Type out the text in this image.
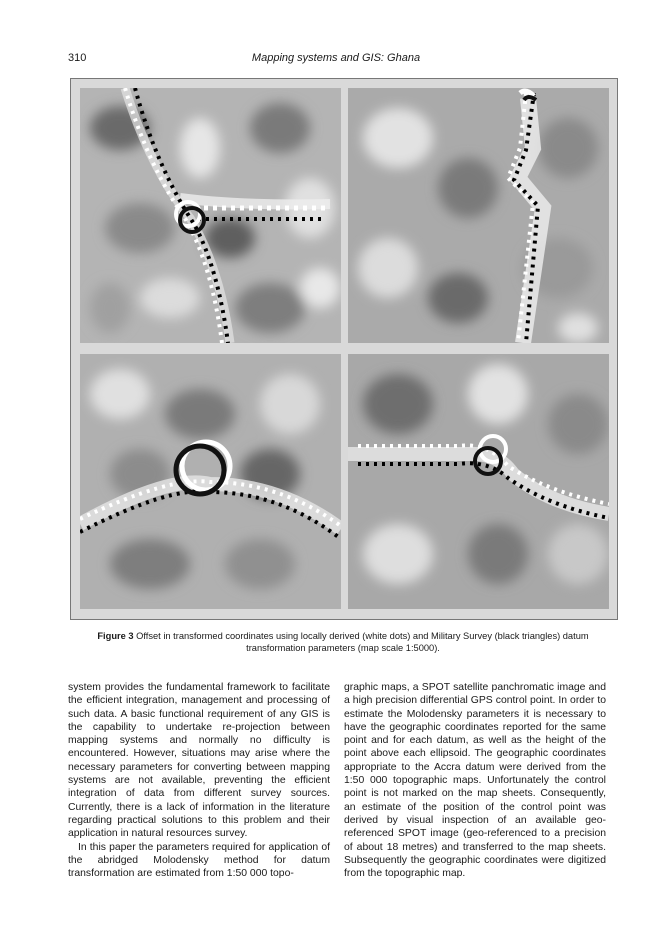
310	Mapping systems and GIS: Ghana
Figure 3 Offset in transformed coordinates using locally derived (white dots) and Military Survey (black triangles) datum transformation parameters (map scale 1:5000).

system provides the fundamental framework to facilitate the efficient integration, management and processing of such data. A basic functional requirement of any GIS is the capability to undertake re-projection between mapping systems and normally no difficulty is encountered. However, situations may arise where the necessary parameters for converting between mapping systems are not available, preventing the efficient integration of data from different survey sources. Currently, there is a lack of information in the literature regarding practical solutions to this problem and their application in natural resources survey.

In this paper the parameters required for application of the abridged Molodensky method for datum transformation are estimated from 1:50 000 topo-

graphic maps, a SPOT satellite panchromatic image and a high precision differential GPS control point. In order to estimate the Molodensky parameters it is necessary to have the geographic coordinates reported for the same point and for each datum, as well as the height of the point above each ellipsoid. The geographic coordinates appropriate to the Accra datum were derived from the 1:50 000 topographic maps. Unfortunately the control point is not marked on the map sheets. Consequently, an estimate of the position of the control point was derived by visual inspection of an available geo-referenced SPOT image (geo-referenced to a precision of about 18 metres) and transferred to the map sheets. Subsequently the geographic coordinates were digitized from the topographic map.
